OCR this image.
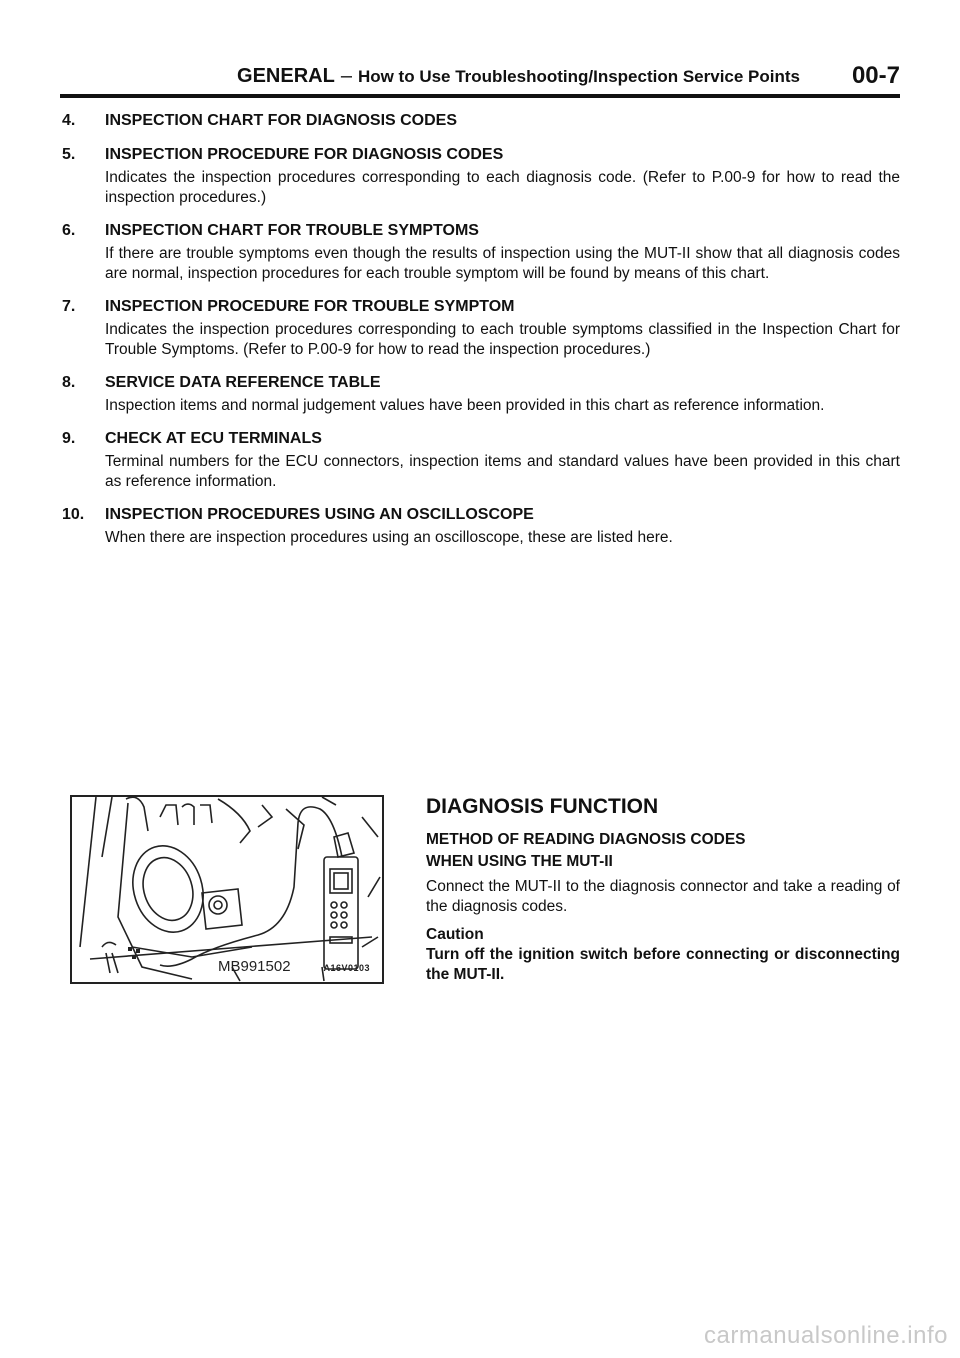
GENERAL – How to Use Troubleshooting/Inspection Service Points 00-7
4.	INSPECTION CHART FOR DIAGNOSIS CODES
5.	INSPECTION PROCEDURE FOR DIAGNOSIS CODES
Indicates the inspection procedures corresponding to each diagnosis code. (Refer to P.00-9 for how to read the inspection procedures.)
6.	INSPECTION CHART FOR TROUBLE SYMPTOMS
If there are trouble symptoms even though the results of inspection using the MUT-II show that all diagnosis codes are normal, inspection procedures for each trouble symptom will be found by means of this chart.
7.	INSPECTION PROCEDURE FOR TROUBLE SYMPTOM
Indicates the inspection procedures corresponding to each trouble symptoms classified in the Inspection Chart for Trouble Symptoms. (Refer to P.00-9 for how to read the inspection procedures.)
8.	SERVICE DATA REFERENCE TABLE
Inspection items and normal judgement values have been provided in this chart as reference information.
9.	CHECK AT ECU TERMINALS
Terminal numbers for the ECU connectors, inspection items and standard values have been provided in this chart as reference information.
10.	INSPECTION PROCEDURES USING AN OSCILLOSCOPE
When there are inspection procedures using an oscilloscope, these are listed here.
MB991502	A16V0103
DIAGNOSIS FUNCTION
METHOD OF READING DIAGNOSIS CODES
WHEN USING THE MUT-II
Connect the MUT-II to the diagnosis connector and take a reading of the diagnosis codes.
Caution
Turn off the ignition switch before connecting or disconnecting the MUT-II.
carmanualsonline.info
